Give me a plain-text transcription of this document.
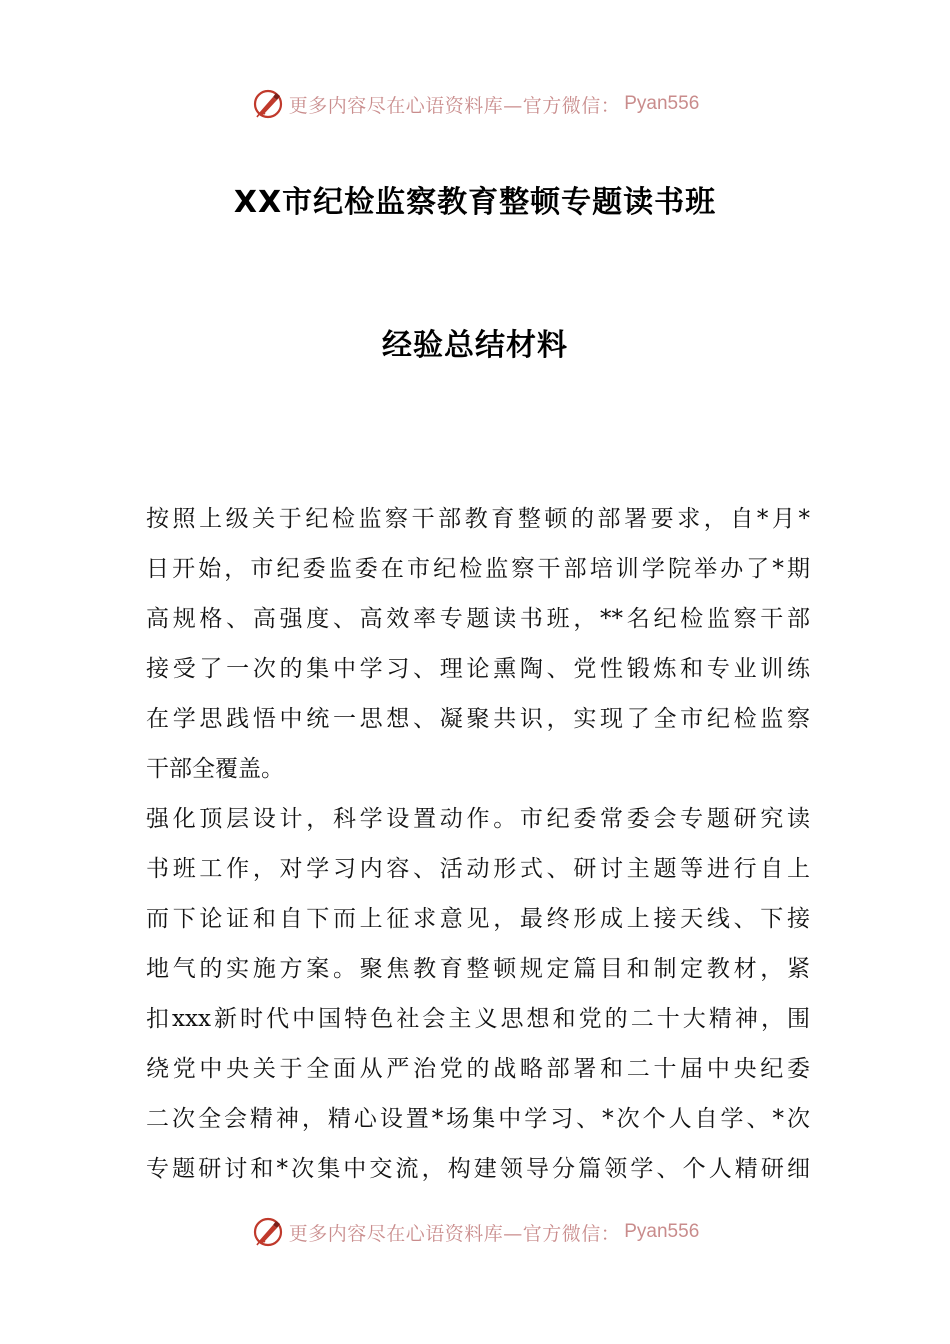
更多内容尽在心语资料库—官方微信： Pyan556
XX市纪检监察教育整顿专题读书班
经验总结材料
按照上级关于纪检监察干部教育整顿的部署要求，自*月*
日开始，市纪委监委在市纪检监察干部培训学院举办了*期
高规格、高强度、高效率专题读书班，**名纪检监察干部
接受了一次的集中学习、理论熏陶、党性锻炼和专业训练
在学思践悟中统一思想、凝聚共识，实现了全市纪检监察
干部全覆盖。
强化顶层设计，科学设置动作。市纪委常委会专题研究读
书班工作，对学习内容、活动形式、研讨主题等进行自上
而下论证和自下而上征求意见，最终形成上接天线、下接
地气的实施方案。聚焦教育整顿规定篇目和制定教材，紧
扣xxx新时代中国特色社会主义思想和党的二十大精神，围
绕党中央关于全面从严治党的战略部署和二十届中央纪委
二次全会精神，精心设置*场集中学习、*次个人自学、*次
专题研讨和*次集中交流，构建领导分篇领学、个人精研细
更多内容尽在心语资料库—官方微信： Pyan556
